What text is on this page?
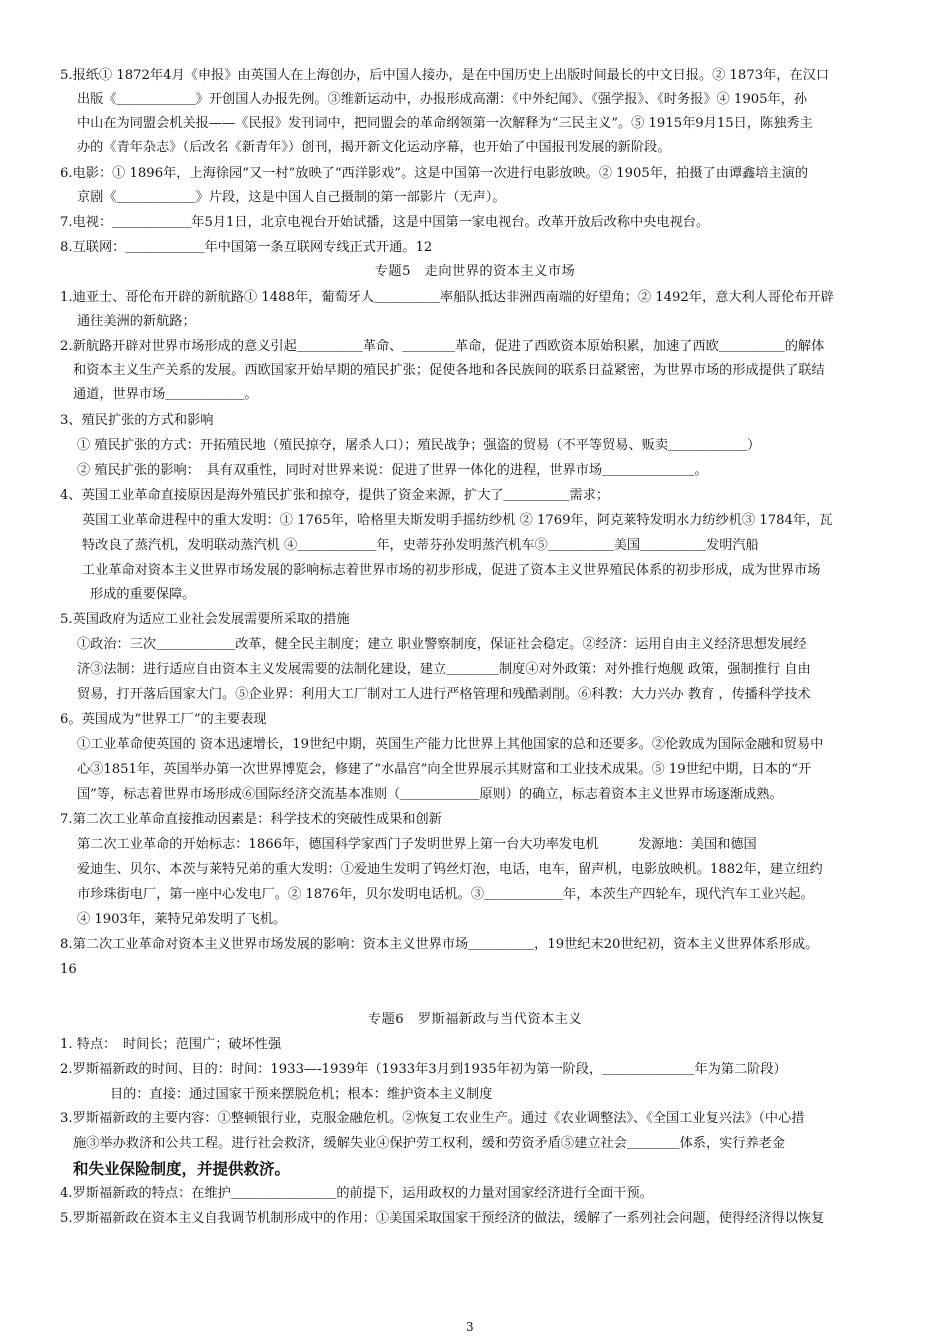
5.报纸① 1872年4月《申报》由英国人在上海创办，后中国人接办，是在中国历史上出版时间最长的中文日报。② 1873年，在汉口
出版《＿＿＿＿＿＿》开创国人办报先例。③维新运动中，办报形成高潮：《中外纪闻》、《强学报》、《时务报》④ 1905年，孙
中山在为同盟会机关报——《民报》发刊词中，把同盟会的革命纲领第一次解释为“三民主义”。⑤ 1915年9月15日，陈独秀主
办的《青年杂志》（后改名《新青年》）创刊，揭开新文化运动序幕，也开始了中国报刊发展的新阶段。
6.电影：① 1896年，上海徐园“又一村”放映了“西洋影戏”。这是中国第一次进行电影放映。② 1905年，拍摄了由谭鑫培主演的
京剧《＿＿＿＿＿＿》片段，这是中国人自己摄制的第一部影片（无声）。
7.电视：＿＿＿＿＿＿年5月1日，北京电视台开始试播，这是中国第一家电视台。改革开放后改称中央电视台。
8.互联网：＿＿＿＿＿＿年中国第一条互联网专线正式开通。12
专题5　走向世界的资本主义市场
1.迪亚士、哥伦布开辟的新航路① 1488年，葡萄牙人＿＿＿＿＿率船队抵达非洲西南端的好望角；② 1492年，意大利人哥伦布开辟
通往美洲的新航路；
2.新航路开辟对世界市场形成的意义引起＿＿＿＿＿革命、＿＿＿＿革命，促进了西欧资本原始积累，加速了西欧＿＿＿＿＿的解体
和资本主义生产关系的发展。西欧国家开始早期的殖民扩张；促使各地和各民族间的联系日益紧密，为世界市场的形成提供了联结
通道，世界市场＿＿＿＿＿＿。
3、殖民扩张的方式和影响
① 殖民扩张的方式：开拓殖民地（殖民掠夺，屠杀人口）；殖民战争；强盗的贸易（不平等贸易、贩卖＿＿＿＿＿＿）
② 殖民扩张的影响：　具有双重性，同时对世界来说：促进了世界一体化的进程，世界市场＿＿＿＿＿＿＿。
4、英国工业革命直接原因是海外殖民扩张和掠夺，提供了资金来源，扩大了＿＿＿＿＿需求；
英国工业革命进程中的重大发明：① 1765年，哈格里夫斯发明手摇纺纱机 ② 1769年，阿克莱特发明水力纺纱机③ 1784年，瓦
特改良了蒸汽机，发明联动蒸汽机 ④＿＿＿＿＿＿年，史蒂芬孙发明蒸汽机车⑤＿＿＿＿＿美国＿＿＿＿＿发明汽船
工业革命对资本主义世界市场发展的影响标志着世界市场的初步形成，促进了资本主义世界殖民体系的初步形成，成为世界市场
形成的重要保障。
5.英国政府为适应工业社会发展需要所采取的措施
①政治：三次＿＿＿＿＿＿改革，健全民主制度；建立 职业警察制度，保证社会稳定。②经济：运用自由主义经济思想发展经
济③法制：进行适应自由资本主义发展需要的法制化建设，建立＿＿＿＿制度④对外政策：对外推行炮舰 政策，强制推行 自由
贸易，打开落后国家大门。⑤企业界：利用大工厂制对工人进行严格管理和残酷剥削。⑥科教：大力兴办 教育 ，传播科学技术
6。英国成为“世界工厂”的主要表现
①工业革命使英国的 资本迅速增长，19世纪中期，英国生产能力比世界上其他国家的总和还要多。②伦敦成为国际金融和贸易中
心③1851年，英国举办第一次世界博览会，修建了“水晶宫”向全世界展示其财富和工业技术成果。⑤ 19世纪中期，日本的“开
国”等，标志着世界市场形成⑥国际经济交流基本准则（＿＿＿＿＿＿原则）的确立，标志着资本主义世界市场逐渐成熟。
7.第二次工业革命直接推动因素是：科学技术的突破性成果和创新
第二次工业革命的开始标志：1866年，德国科学家西门子发明世界上第一台大功率发电机　　　发源地：美国和德国
爱迪生、贝尔、本茨与莱特兄弟的重大发明：①爱迪生发明了钨丝灯泡，电话，电车，留声机，电影放映机。1882年，建立纽约
市珍珠街电厂，第一座中心发电厂。② 1876年，贝尔发明电话机。③＿＿＿＿＿＿年，本茨生产四轮车，现代汽车工业兴起。
④ 1903年，莱特兄弟发明了飞机。
8.第二次工业革命对资本主义世界市场发展的影响：资本主义世界市场＿＿＿＿＿，19世纪末20世纪初，资本主义世界体系形成。
16
专题6　罗斯福新政与当代资本主义
1. 特点：　时间长；范围广；破坏性强
2.罗斯福新政的时间、目的：时间：1933—-1939年（1933年3月到1935年初为第一阶段，＿＿＿＿＿＿＿年为第二阶段）
目的：直接：通过国家干预来摆脱危机；根本：维护资本主义制度
3.罗斯福新政的主要内容：①整顿银行业，克服金融危机。②恢复工农业生产。通过《农业调整法》、《全国工业复兴法》（中心措
施③举办救济和公共工程。进行社会救济，缓解失业④保护劳工权利，缓和劳资矛盾⑤建立社会＿＿＿＿体系，实行养老金
和失业保险制度，并提供救济。
4.罗斯福新政的特点：在维护＿＿＿＿＿＿＿＿的前提下，运用政权的力量对国家经济进行全面干预。
5.罗斯福新政在资本主义自我调节机制形成中的作用：①美国采取国家干预经济的做法，缓解了一系列社会问题，使得经济得以恢复
3
